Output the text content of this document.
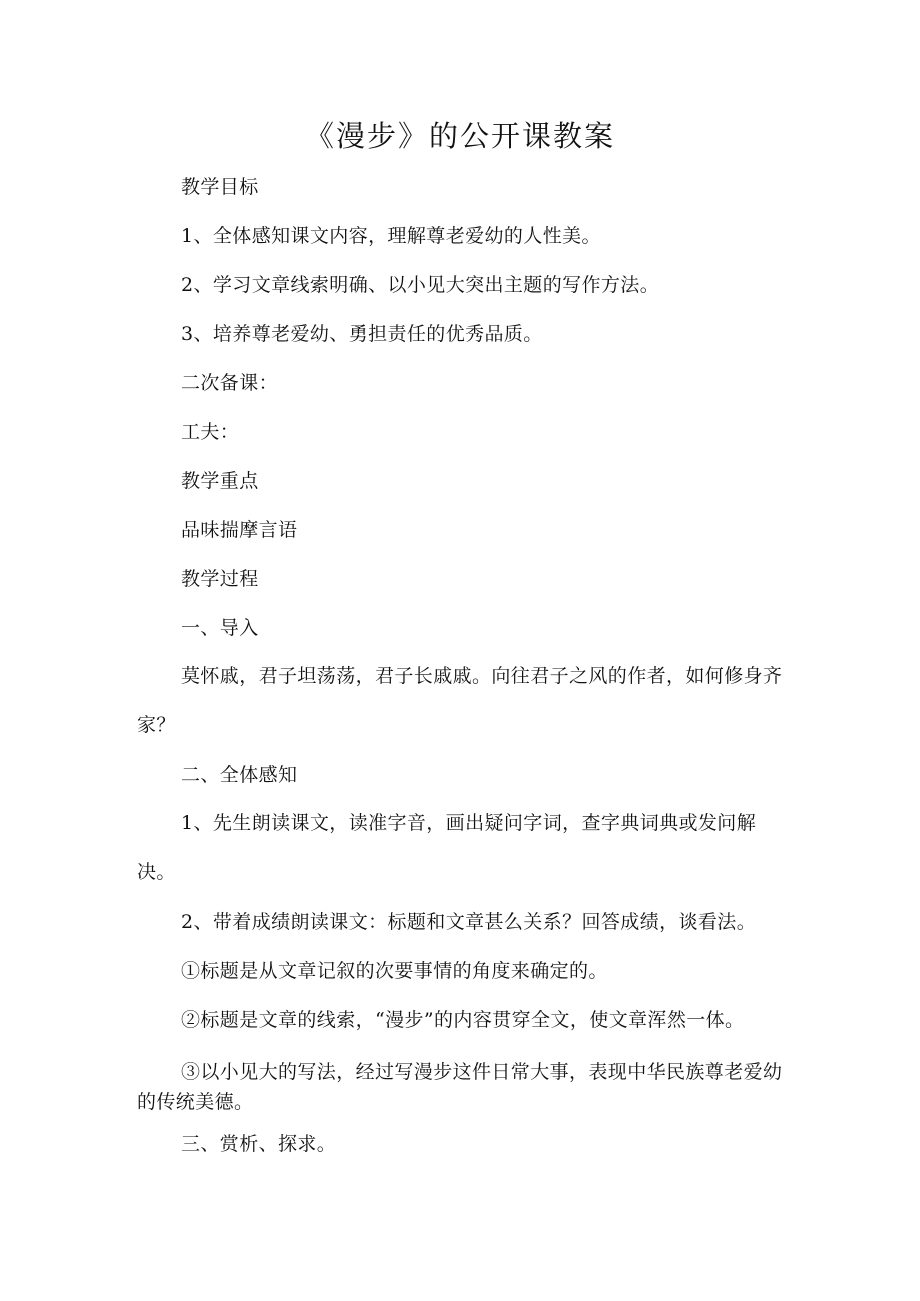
《漫步》的公开课教案
教学目标
1、全体感知课文内容，理解尊老爱幼的人性美。
2、学习文章线索明确、以小见大突出主题的写作方法。
3、培养尊老爱幼、勇担责任的优秀品质。
二次备课：
工夫：
教学重点
品味揣摩言语
教学过程
一、导入
莫怀戚，君子坦荡荡，君子长戚戚。向往君子之风的作者，如何修身齐家？
二、全体感知
1、先生朗读课文，读准字音，画出疑问字词，查字典词典或发问解决。
2、带着成绩朗读课文：标题和文章甚么关系？回答成绩，谈看法。
①标题是从文章记叙的次要事情的角度来确定的。
②标题是文章的线索，“漫步”的内容贯穿全文，使文章浑然一体。
③以小见大的写法，经过写漫步这件日常大事，表现中华民族尊老爱幼的传统美德。
三、赏析、探求。
